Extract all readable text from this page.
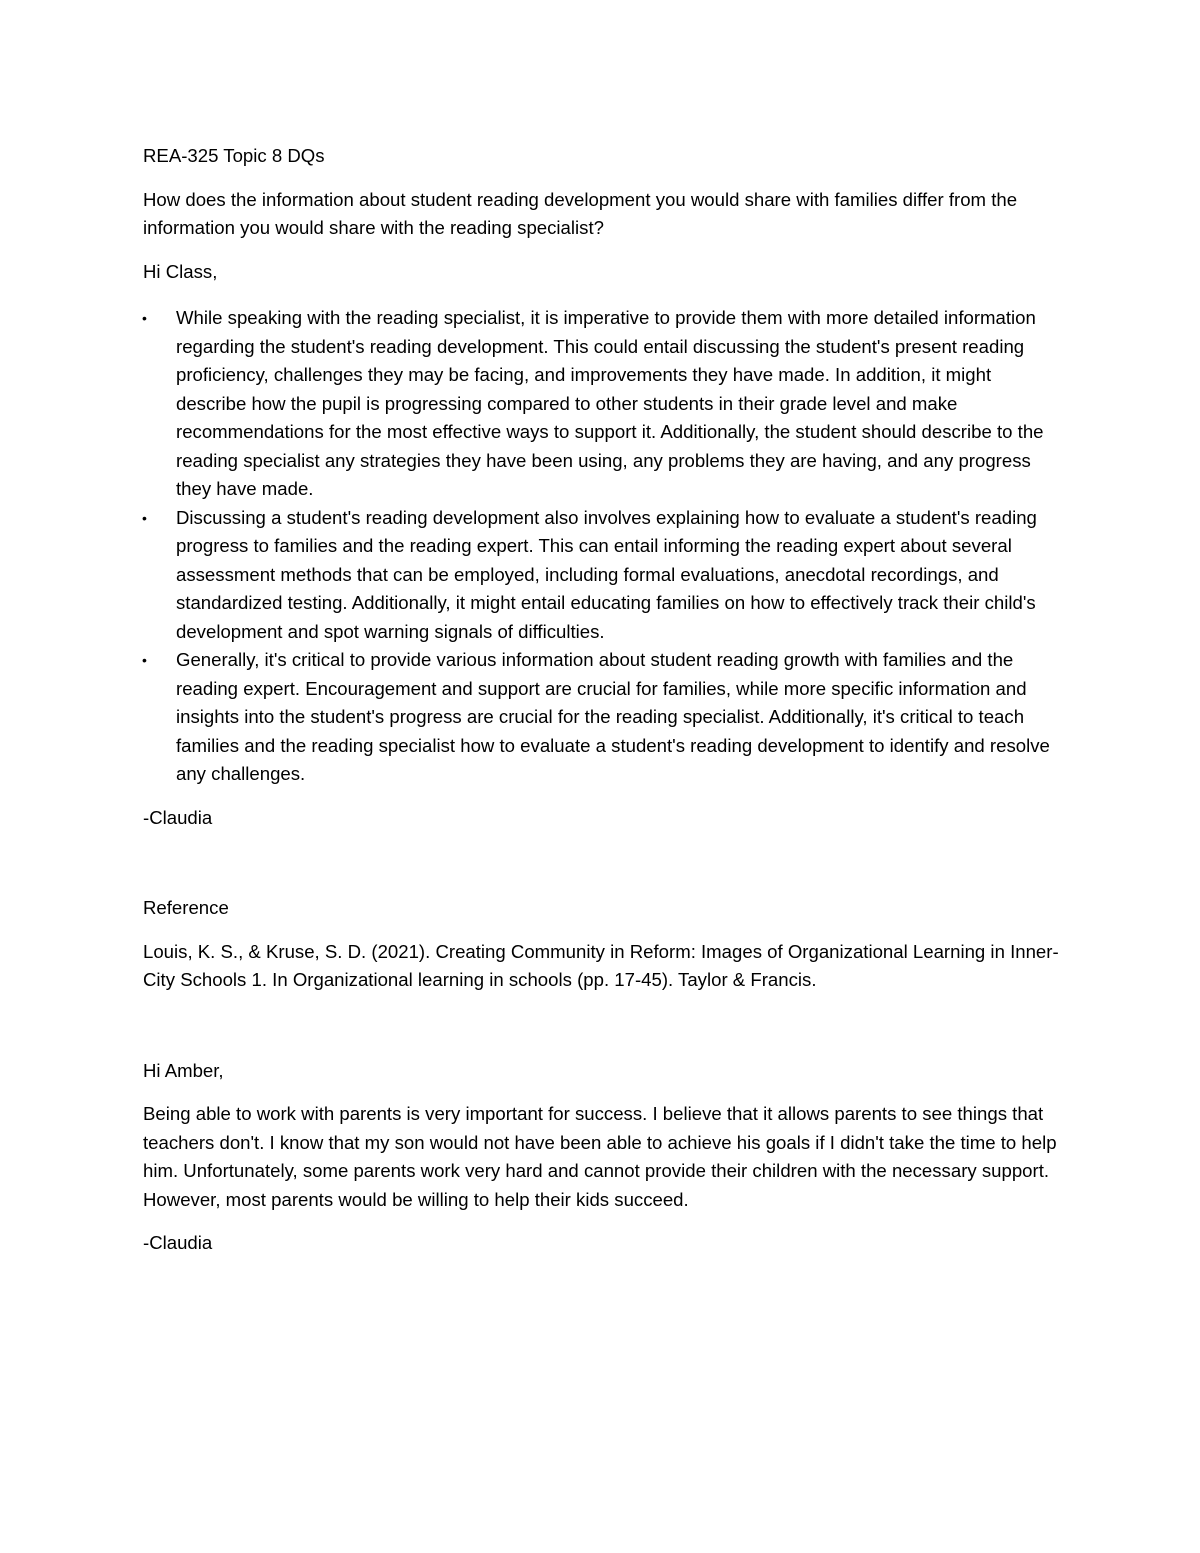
REA-325 Topic 8 DQs

How does the information about student reading development you would share with families differ from the information you would share with the reading specialist?

Hi Class,

• While speaking with the reading specialist, it is imperative to provide them with more detailed information regarding the student's reading development. This could entail discussing the student's present reading proficiency, challenges they may be facing, and improvements they have made. In addition, it might describe how the pupil is progressing compared to other students in their grade level and make recommendations for the most effective ways to support it. Additionally, the student should describe to the reading specialist any strategies they have been using, any problems they are having, and any progress they have made.
• Discussing a student's reading development also involves explaining how to evaluate a student's reading progress to families and the reading expert. This can entail informing the reading expert about several assessment methods that can be employed, including formal evaluations, anecdotal recordings, and standardized testing. Additionally, it might entail educating families on how to effectively track their child's development and spot warning signals of difficulties.
• Generally, it's critical to provide various information about student reading growth with families and the reading expert. Encouragement and support are crucial for families, while more specific information and insights into the student's progress are crucial for the reading specialist. Additionally, it's critical to teach families and the reading specialist how to evaluate a student's reading development to identify and resolve any challenges.

-Claudia

Reference

Louis, K. S., & Kruse, S. D. (2021). Creating Community in Reform: Images of Organizational Learning in Inner-City Schools 1. In Organizational learning in schools (pp. 17-45). Taylor & Francis.

Hi Amber,

Being able to work with parents is very important for success. I believe that it allows parents to see things that teachers don't. I know that my son would not have been able to achieve his goals if I didn't take the time to help him. Unfortunately, some parents work very hard and cannot provide their children with the necessary support. However, most parents would be willing to help their kids succeed.

-Claudia
